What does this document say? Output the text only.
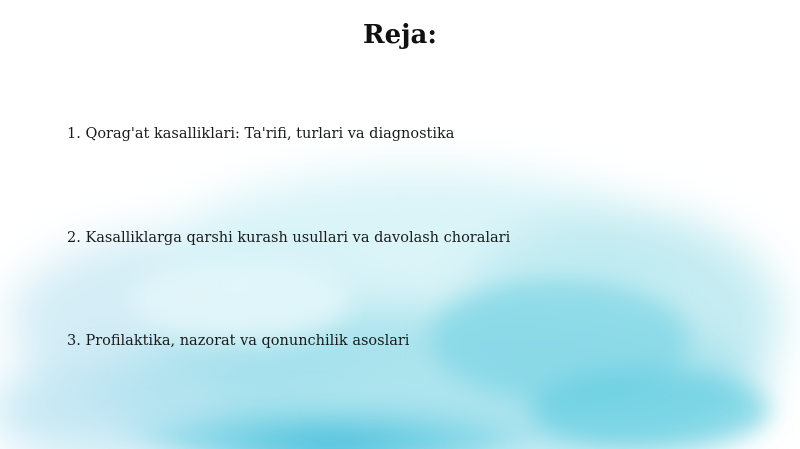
Reja:
1. Qorag'at kasalliklari: Ta'rifi, turlari va diagnostika
2. Kasalliklarga qarshi kurash usullari va davolash choralari
3. Profilaktika, nazorat va qonunchilik asoslari
